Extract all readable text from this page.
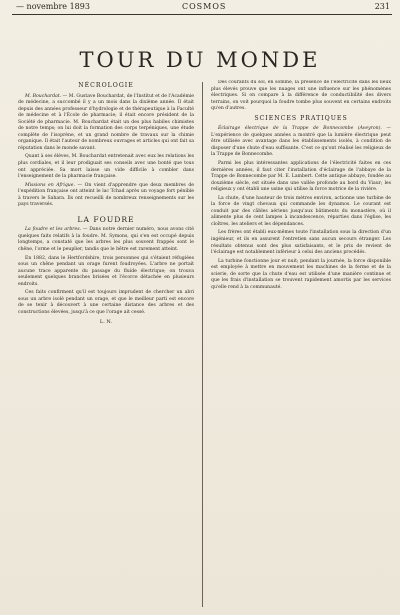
— novembre 1893	COSMOS	231
TOUR DU MONDE
NÉCROLOGIE

M. Bouchardat. — M. Gustave Bouchardat, de l'Institut et de l'Académie de médecine, a succombé il y a un mois dans la dixième année. Il était depuis des années professeur d'hydrologie et de thérapeutique à la Faculté de médecine et à l'École de pharmacie; il était encore président de la Société de pharmacie. M. Bouchardat était un des plus habiles chimistes de notre temps; on lui doit la formation des corps terpéniques, une étude complète de l'isoprène, et un grand nombre de travaux sur la chimie organique. Il était l'auteur de nombreux ouvrages et articles qui ont fait sa réputation dans le monde savant.

Quant à ses élèves, M. Bouchardat entretenait avec eux les relations les plus cordiales, et il leur prodiguait ses conseils avec une bonté que tous ont appréciée. Sa mort laisse un vide difficile à combler dans l'enseignement de la pharmacie française.

Missions en Afrique. — On vient d'apprendre que deux membres de l'expédition française ont atteint le lac Tchad après un voyage fort pénible à travers le Sahara. Ils ont recueilli de nombreux renseignements sur les pays traversés.

LA FOUDRE

La foudre et les arbres. — Dans notre dernier numéro, nous avons cité quelques faits relatifs à la foudre. M. Symons, qui s'en est occupé depuis longtemps, a constaté que les arbres les plus souvent frappés sont le chêne, l'orme et le peuplier, tandis que le hêtre est rarement atteint.

En 1882, dans le Hertfordshire, trois personnes qui s'étaient réfugiées sous un chêne pendant un orage furent foudroyées. L'arbre ne portait aucune trace apparente du passage du fluide électrique; on trouva seulement quelques branches brisées et l'écorce détachée en plusieurs endroits.

Ces faits confirment qu'il est toujours imprudent de chercher un abri sous un arbre isolé pendant un orage, et que le meilleur parti est encore de se tenir à découvert à une certaine distance des arbres et des constructions élevées, jusqu'à ce que l'orage ait cessé.

L. N.

Des courants du sol, en somme, la présence de l'électricité dans les lieux plus élevés prouve que les nuages ont une influence sur les phénomènes électriques. Si on compare à la différence de conductibilité des divers terrains, on voit pourquoi la foudre tombe plus souvent en certains endroits qu'en d'autres.

SCIENCES PRATIQUES

Éclairage électrique de la Trappe de Bonnecombe (Aveyron). — L'expérience de quelques années a montré que la lumière électrique peut être utilisée avec avantage dans les établissements isolés, à condition de disposer d'une chute d'eau suffisante. C'est ce qu'ont réalisé les religieux de la Trappe de Bonnecombe.

Parmi les plus intéressantes applications de l'électricité faites en ces dernières années, il faut citer l'installation d'éclairage de l'abbaye de la Trappe de Bonnecombe par M. E. Lambert. Cette antique abbaye, fondée au douzième siècle, est située dans une vallée profonde au bord du Viaur; les religieux y ont établi une usine qui utilise la force motrice de la rivière.

La chute, d'une hauteur de trois mètres environ, actionne une turbine de la force de vingt chevaux qui commande les dynamos. Le courant est conduit par des câbles aériens jusqu'aux bâtiments du monastère, où il alimente plus de cent lampes à incandescence, réparties dans l'église, les cloîtres, les ateliers et les dépendances.

Les frères ont établi eux-mêmes toute l'installation sous la direction d'un ingénieur, et ils en assurent l'entretien sans aucun secours étranger. Les résultats obtenus sont des plus satisfaisants, et le prix de revient de l'éclairage est notablement inférieur à celui des anciens procédés.

La turbine fonctionne jour et nuit; pendant la journée, la force disponible est employée à mettre en mouvement les machines de la ferme et de la scierie, de sorte que la chute d'eau est utilisée d'une manière continue et que les frais d'installation se trouvent rapidement amortis par les services qu'elle rend à la communauté.
